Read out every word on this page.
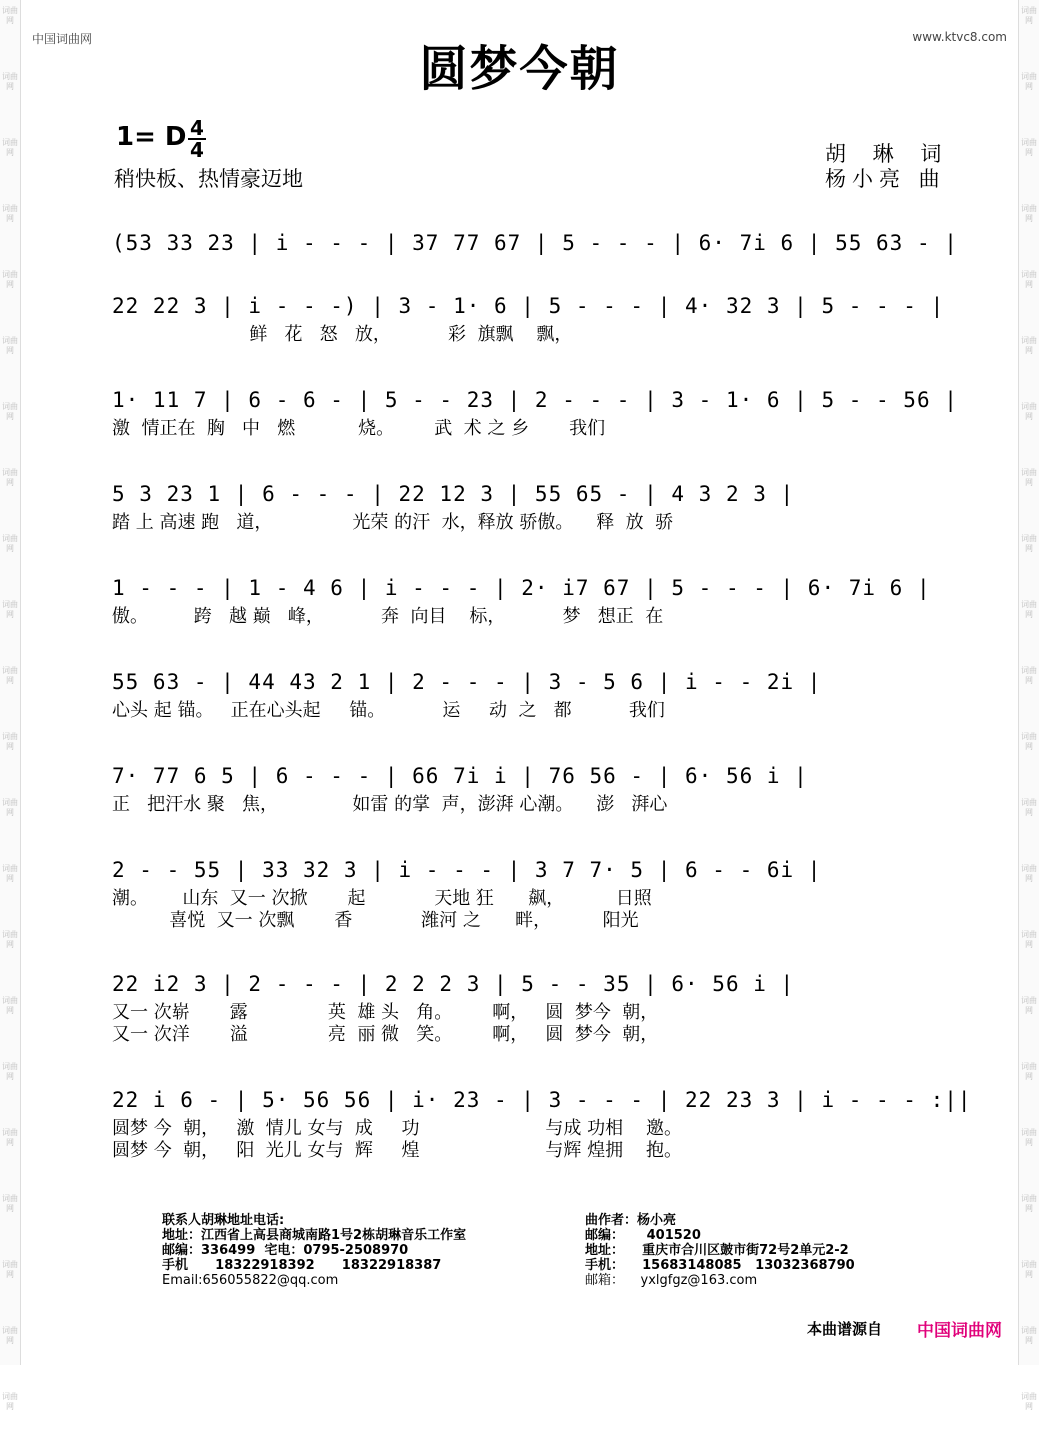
词曲网
词曲网
词曲网
词曲网
词曲网
词曲网
词曲网
词曲网
词曲网
词曲网
词曲网
词曲网
词曲网
词曲网
词曲网
词曲网
词曲网
词曲网
词曲网
词曲网
词曲网
词曲网
词曲网
词曲网
词曲网
词曲网
词曲网
词曲网
词曲网
词曲网
词曲网
词曲网
词曲网
词曲网
词曲网
词曲网
词曲网
词曲网
词曲网
词曲网
词曲网
词曲网
词曲网
词曲网
中国词曲网	www.ktvc8.com
圆梦今朝
1= D 4
4
稍快板、热情豪迈地
胡 琳 词
杨小亮 曲
(53 33 23 | i - - - | 37 77 67 | 5 - - - | 6· 7i 6 | 55 63 - |
22 22 3 | i - - -) | 3 - 1· 6 | 5 - - - | 4· 32 3 | 5 - - - |
鲜   花   怒   放，          彩  旗飘    飘，
1· 11 7 | 6 - 6 - | 5 - - 23 | 2 - - - | 3 - 1· 6 | 5 - - 56 |
激  情正在  胸   中   燃           烧。       武  术 之 乡       我们
5 3 23 1 | 6 - - - | 22 12 3 | 55 65 - | 4 3 2 3 |
踏 上 高速 跑   道，              光荣 的汗  水，释放 骄傲。    释  放  骄
1 - - - | 1 - 4 6 | i - - - | 2· i7 67 | 5 - - - | 6· 7i 6 |
傲。        跨   越 巅   峰，          奔  向目    标，          梦   想正  在
55 63 - | 44 43 2 1 | 2 - - - | 3 - 5 6 | i - - 2i |
心头 起 锚。   正在心头起     锚。          运     动  之   都          我们
7· 77 6 5 | 6 - - - | 66 7i i | 76 56 - | 6· 56 i |
正   把汗水 聚   焦，             如雷 的掌  声，澎湃 心潮。    澎   湃心
2 - - 55 | 33 32 3 | i - - - | 3 7 7· 5 | 6 - - 6i |
潮。      山东  又一 次掀       起            天地 狂      飙，         日照
喜悦  又一 次飘       香            潍河 之      畔，         阳光
22 i2 3 | 2 - - - | 2 2 2 3 | 5 - - 35 | 6· 56 i |
又一 次崭       露              英  雄 头   角。       啊，   圆  梦今  朝，
又一 次洋       溢              亮  丽 微   笑。       啊，   圆  梦今  朝，
22 i 6 - | 5· 56 56 | i· 23 - | 3 - - - | 22 23 3 | i - - - :||
圆梦 今  朝，   激  情儿 女与  成     功                      与成 功相    邀。
圆梦 今  朝，   阳  光儿 女与  辉     煌                      与辉 煌拥    抱。
联系人胡琳地址电话:
地址：江西省上高县商城南路1号2栋胡琳音乐工作室
邮编：336499  宅电：0795-2508970
手机      18322918392      18322918387
Email:656055822@qq.com
曲作者：杨小亮
邮编：     401520
地址：    重庆市合川区皷市街72号2单元2-2
手机：    15683148085   13032368790
邮箱：    yxlgfgz@163.com
本曲谱源自 中国词曲网
